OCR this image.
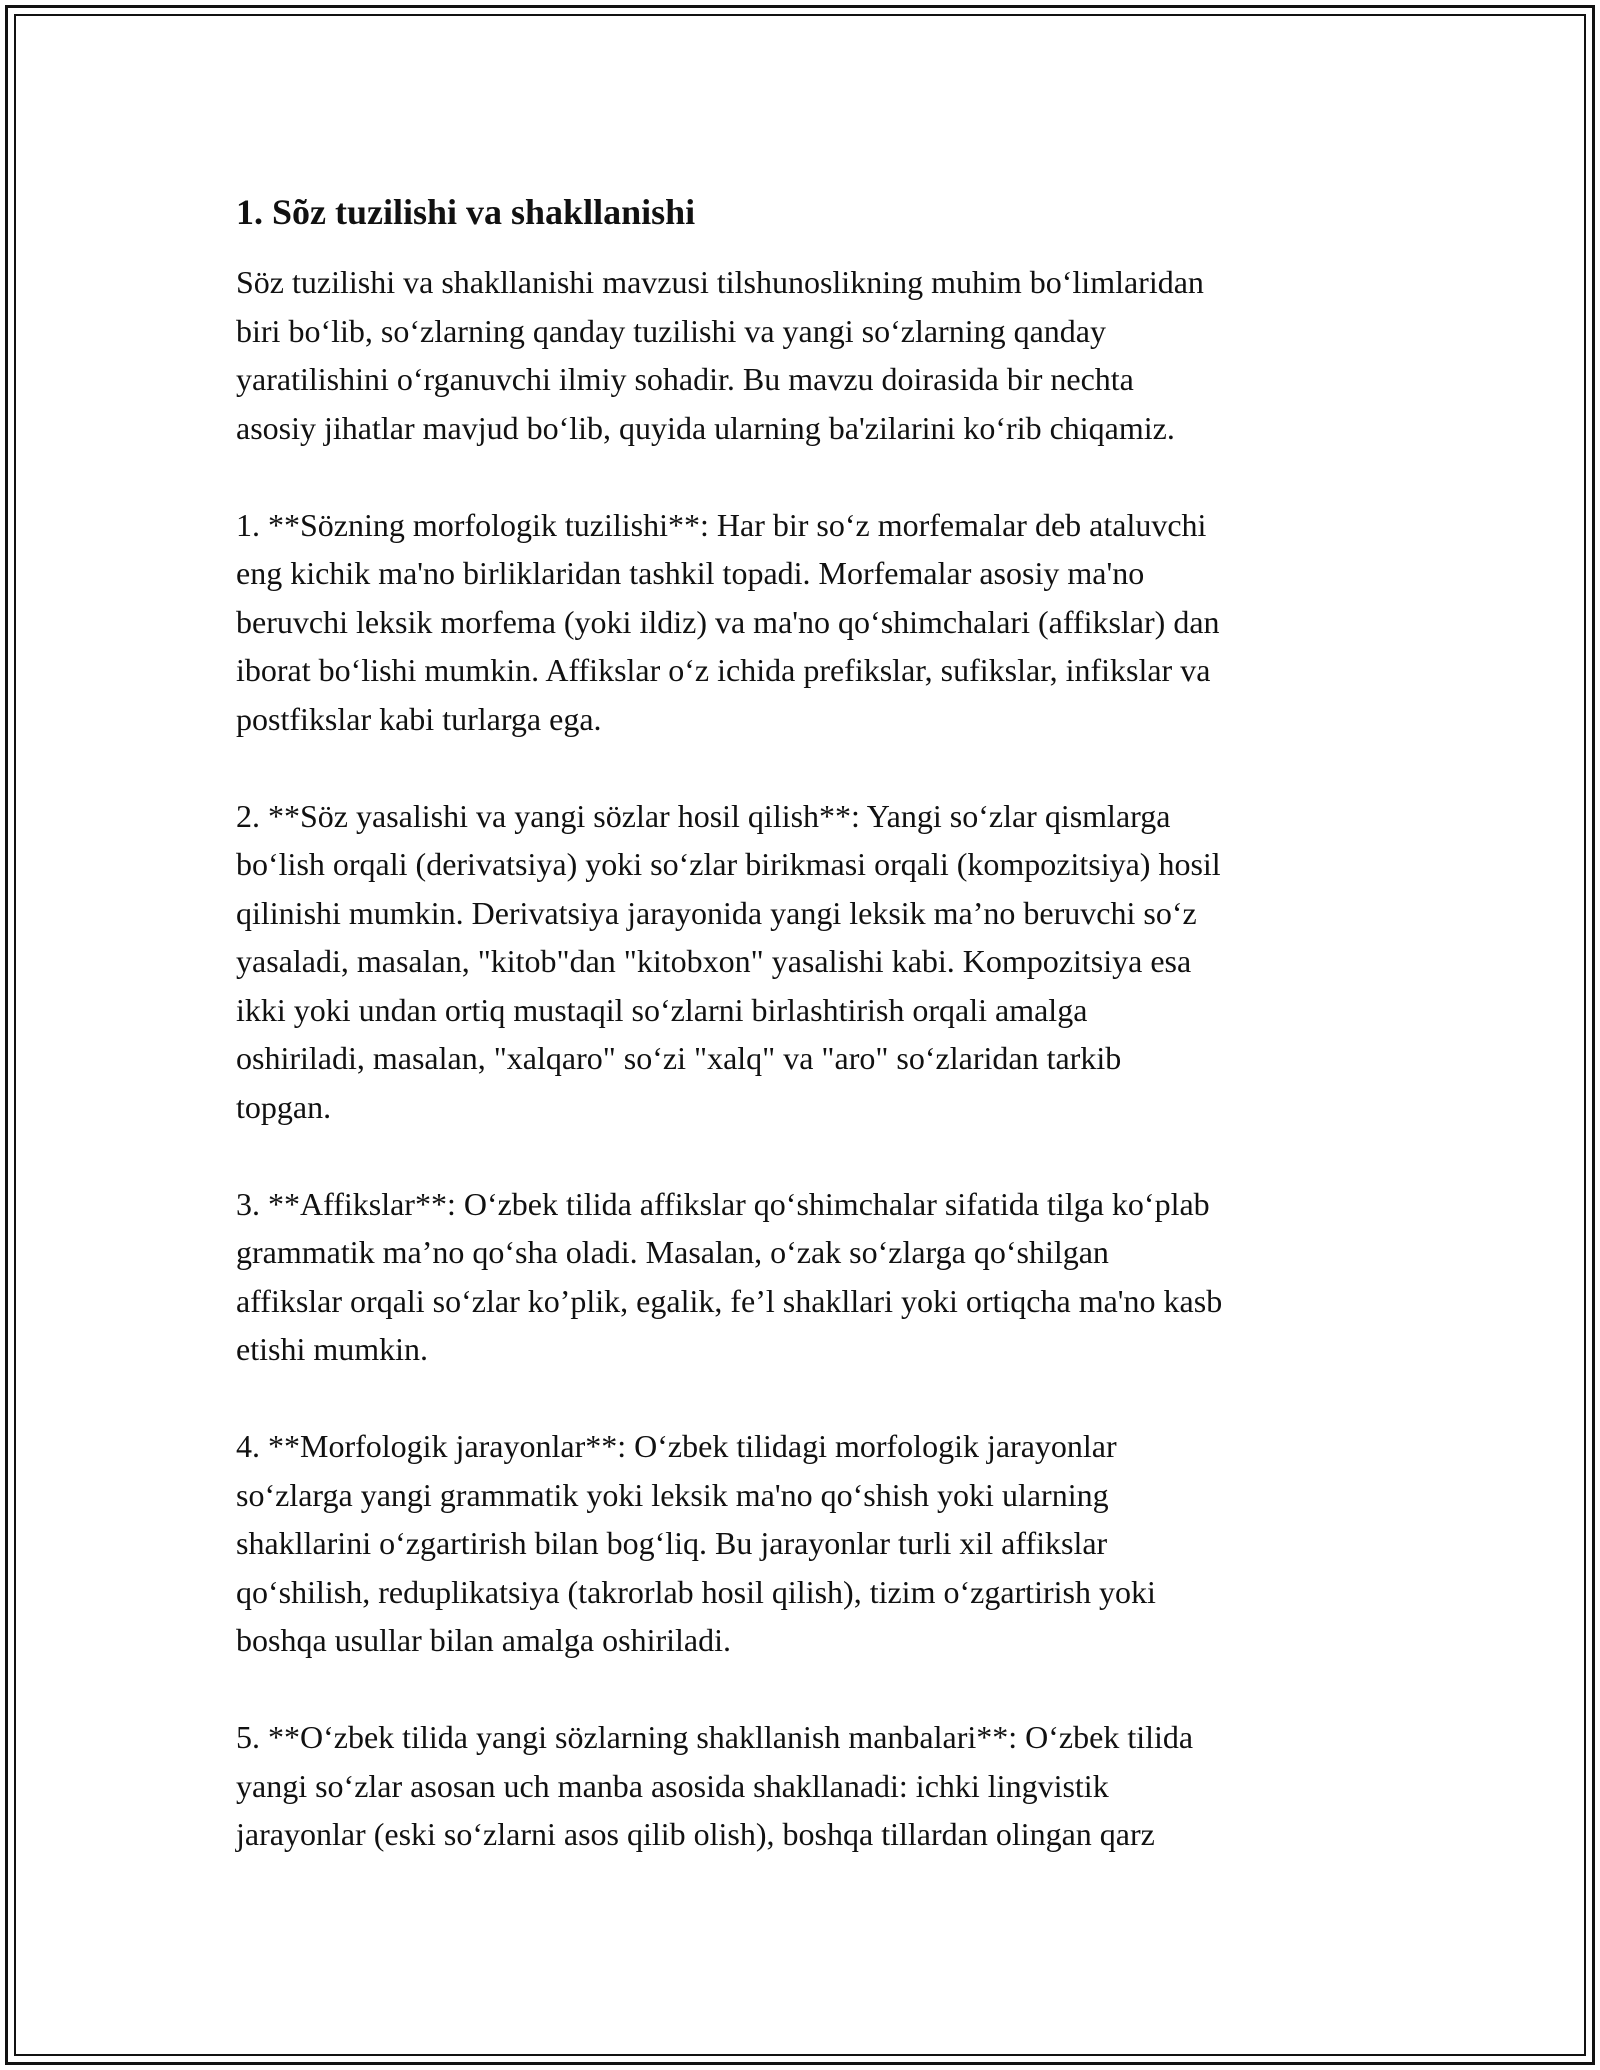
1. Sõz tuzilishi va shakllanishi

Söz tuzilishi va shakllanishi mavzusi tilshunoslikning muhim boʻlimlaridan
biri boʻlib, soʻzlarning qanday tuzilishi va yangi soʻzlarning qanday
yaratilishini oʻrganuvchi ilmiy sohadir. Bu mavzu doirasida bir nechta
asosiy jihatlar mavjud boʻlib, quyida ularning ba'zilarini koʻrib chiqamiz.

1. **Sözning morfologik tuzilishi**: Har bir soʻz morfemalar deb ataluvchi
eng kichik ma'no birliklaridan tashkil topadi. Morfemalar asosiy ma'no
beruvchi leksik morfema (yoki ildiz) va ma'no qoʻshimchalari (affikslar) dan
iborat boʻlishi mumkin. Affikslar oʻz ichida prefikslar, sufikslar, infikslar va
postfikslar kabi turlarga ega.

2. **Söz yasalishi va yangi sözlar hosil qilish**: Yangi soʻzlar qismlarga
boʻlish orqali (derivatsiya) yoki soʻzlar birikmasi orqali (kompozitsiya) hosil
qilinishi mumkin. Derivatsiya jarayonida yangi leksik ma’no beruvchi soʻz
yasaladi, masalan, "kitob"dan "kitobxon" yasalishi kabi. Kompozitsiya esa
ikki yoki undan ortiq mustaqil soʻzlarni birlashtirish orqali amalga
oshiriladi, masalan, "xalqaro" soʻzi "xalq" va "aro" soʻzlaridan tarkib
topgan.

3. **Affikslar**: Oʻzbek tilida affikslar qoʻshimchalar sifatida tilga koʻplab
grammatik ma’no qoʻsha oladi. Masalan, oʻzak soʻzlarga qoʻshilgan
affikslar orqali soʻzlar ko’plik, egalik, fe’l shakllari yoki ortiqcha ma'no kasb
etishi mumkin.

4. **Morfologik jarayonlar**: Oʻzbek tilidagi morfologik jarayonlar
soʻzlarga yangi grammatik yoki leksik ma'no qoʻshish yoki ularning
shakllarini oʻzgartirish bilan bogʻliq. Bu jarayonlar turli xil affikslar
qoʻshilish, reduplikatsiya (takrorlab hosil qilish), tizim oʻzgartirish yoki
boshqa usullar bilan amalga oshiriladi.

5. **Oʻzbek tilida yangi sözlarning shakllanish manbalari**: Oʻzbek tilida
yangi soʻzlar asosan uch manba asosida shakllanadi: ichki lingvistik
jarayonlar (eski soʻzlarni asos qilib olish), boshqa tillardan olingan qarz
